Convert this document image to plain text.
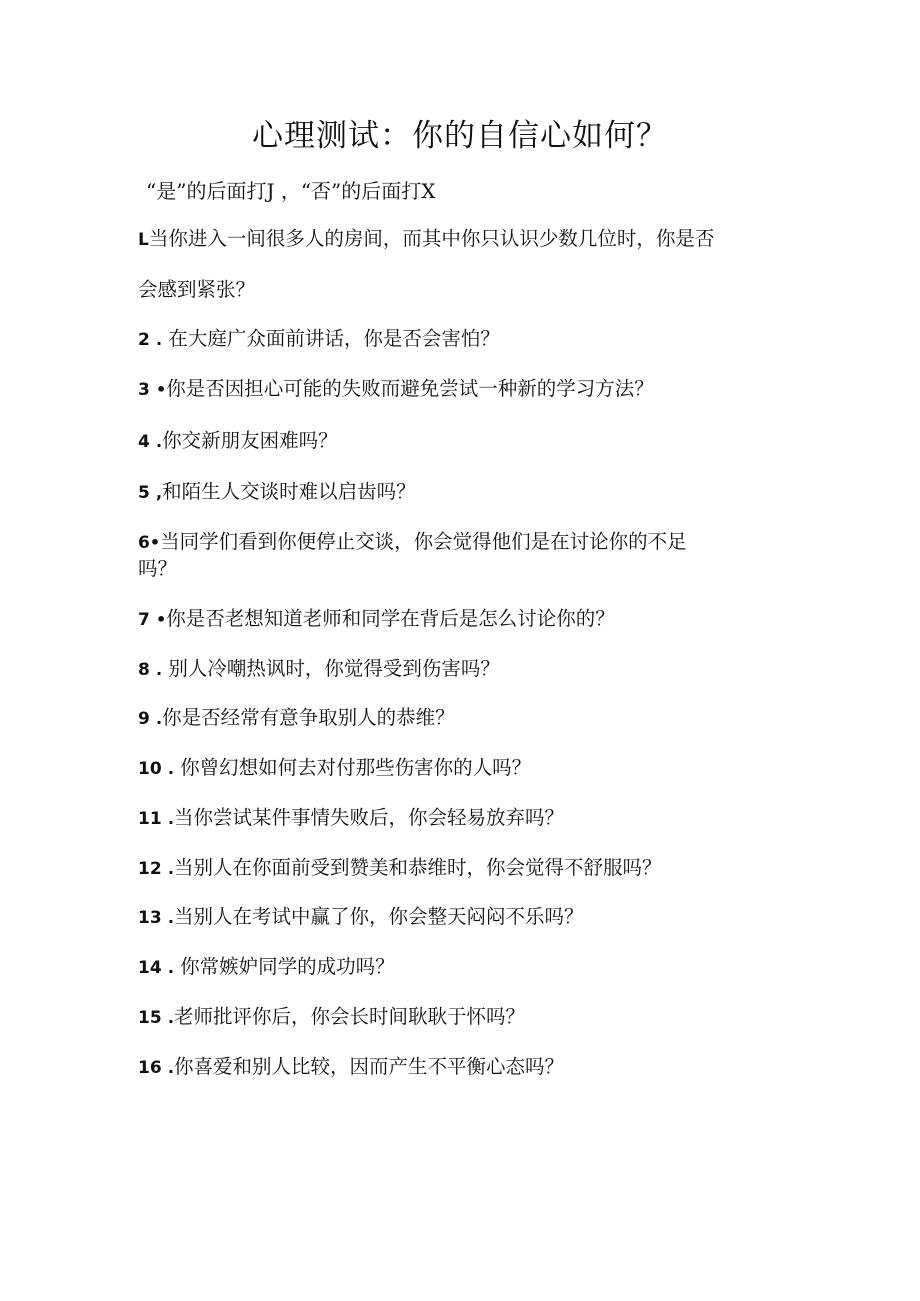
心理测试：你的自信心如何？
“是”的后面打J ，“否”的后面打X
L当你进入一间很多人的房间，而其中你只认识少数几位时，你是否
会感到紧张？
2 . 在大庭广众面前讲话，你是否会害怕？
3 •你是否因担心可能的失败而避免尝试一种新的学习方法？
4 .你交新朋友困难吗？
5 ,和陌生人交谈时难以启齿吗？
6•当同学们看到你便停止交谈，你会觉得他们是在讨论你的不足
吗？
7 •你是否老想知道老师和同学在背后是怎么讨论你的？
8 . 别人冷嘲热讽时，你觉得受到伤害吗？
9 .你是否经常有意争取别人的恭维？
10 . 你曾幻想如何去对付那些伤害你的人吗？
11 .当你尝试某件事情失败后，你会轻易放弃吗？
12 .当别人在你面前受到赞美和恭维时，你会觉得不舒服吗？
13 .当别人在考试中赢了你，你会整天闷闷不乐吗？
14 . 你常嫉妒同学的成功吗？
15 .老师批评你后，你会长时间耿耿于怀吗？
16 .你喜爱和别人比较，因而产生不平衡心态吗？
